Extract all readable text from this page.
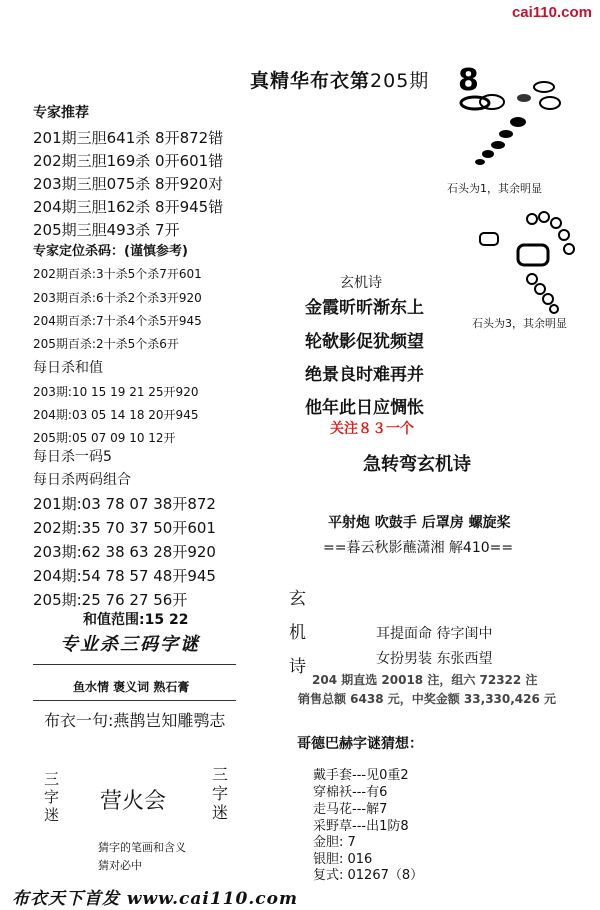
cai110.com
真精华布衣第205期
专家推荐
201期三胆641杀 8开872错
202期三胆169杀 0开601错
203期三胆075杀 8开920对
204期三胆162杀 8开945错
205期三胆493杀 7开
专家定位杀码：(谨慎参考)
202期百杀:3十杀5个杀7开601
203期百杀:6十杀2个杀3开920
204期百杀:7十杀4个杀5开945
205期百杀:2十杀5个杀6开
每日杀和值
203期:10 15 19 21 25开920
204期:03 05 14 18 20开945
205期:05 07 09 10 12开
每日杀一码5
每日杀两码组合
201期:03 78 07 38开872
202期:35 70 37 50开601
203期:62 38 63 28开920
204期:54 78 57 48开945
205期:25 76 27 56开
和值范围:15 22
专业杀三码字谜
鱼水情 褒义词 熟石膏
布衣一句:燕鹊岂知雕鹗志
三字迷
营火会
三字迷
猜字的笔画和含义
猜对必中
8
石头为1，其余明显
石头为3，其余明显
玄机诗
金霞昕昕渐东上
轮欹影促犹频望
绝景良时难再并
他年此日应惆怅
关注８３一个
急转弯玄机诗
平射炮 吹鼓手 后罩房 螺旋桨
==暮云秋影蘸潇湘 解410==
玄
机
诗
耳提面命 待字闺中
女扮男装 东张西望
204 期直选 20018 注，组六 72322 注
销售总额 6438 元，中奖金额 33,330,426 元
哥德巴赫字谜猜想：
戴手套---见0重2
穿棉袄---有6
走马花---解7
采野草---出1防8
金胆: 7
银胆: 016
复式: 01267（8）
布衣天下首发 www.cai110.com
